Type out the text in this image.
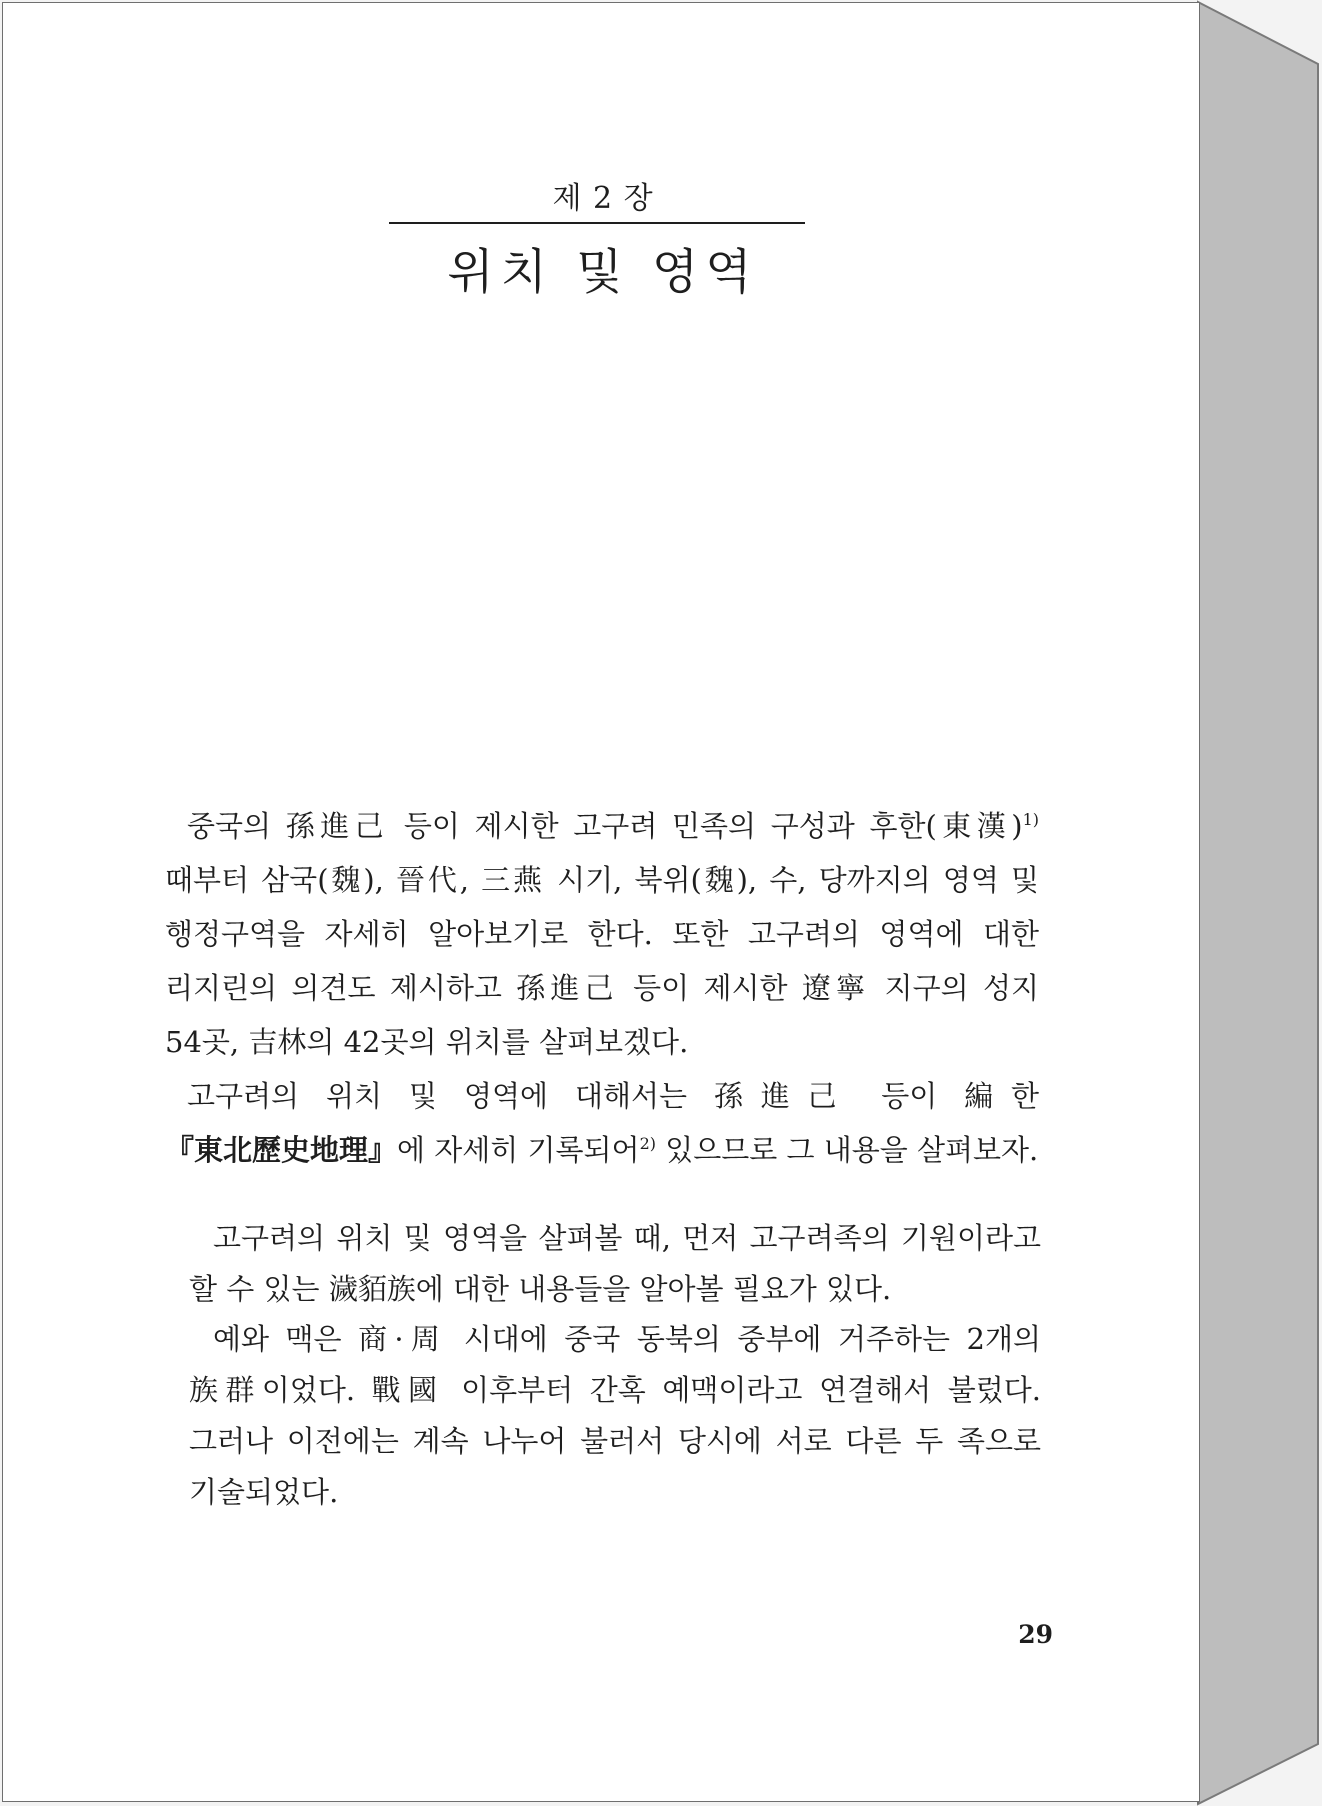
제 2 장
위치 및 영역

중국의 孫進己 등이 제시한 고구려 민족의 구성과 후한(東漢)$^{1)}$ 때부터 삼국(魏), 晉代, 三燕 시기, 북위(魏), 수, 당까지의 영역 및 행정구역을 자세히 알아보기로 한다. 또한 고구려의 영역에 대한 리지린의 의견도 제시하고 孫進己 등이 제시한 遼寧 지구의 성지 54곳, 吉林의 42곳의 위치를 살펴보겠다.

고구려의 위치 및 영역에 대해서는 孫進己 등이 編한 『東北歷史地理』에 자세히 기록되어$^{2)}$ 있으므로 그 내용을 살펴보자.

고구려의 위치 및 영역을 살펴볼 때, 먼저 고구려족의 기원이라고 할 수 있는 濊貊族에 대한 내용들을 알아볼 필요가 있다.

예와 맥은 商·周 시대에 중국 동북의 중부에 거주하는 2개의 族群이었다. 戰國 이후부터 간혹 예맥이라고 연결해서 불렀다. 그러나 이전에는 계속 나누어 불러서 당시에 서로 다른 두 족으로 기술되었다.

29
